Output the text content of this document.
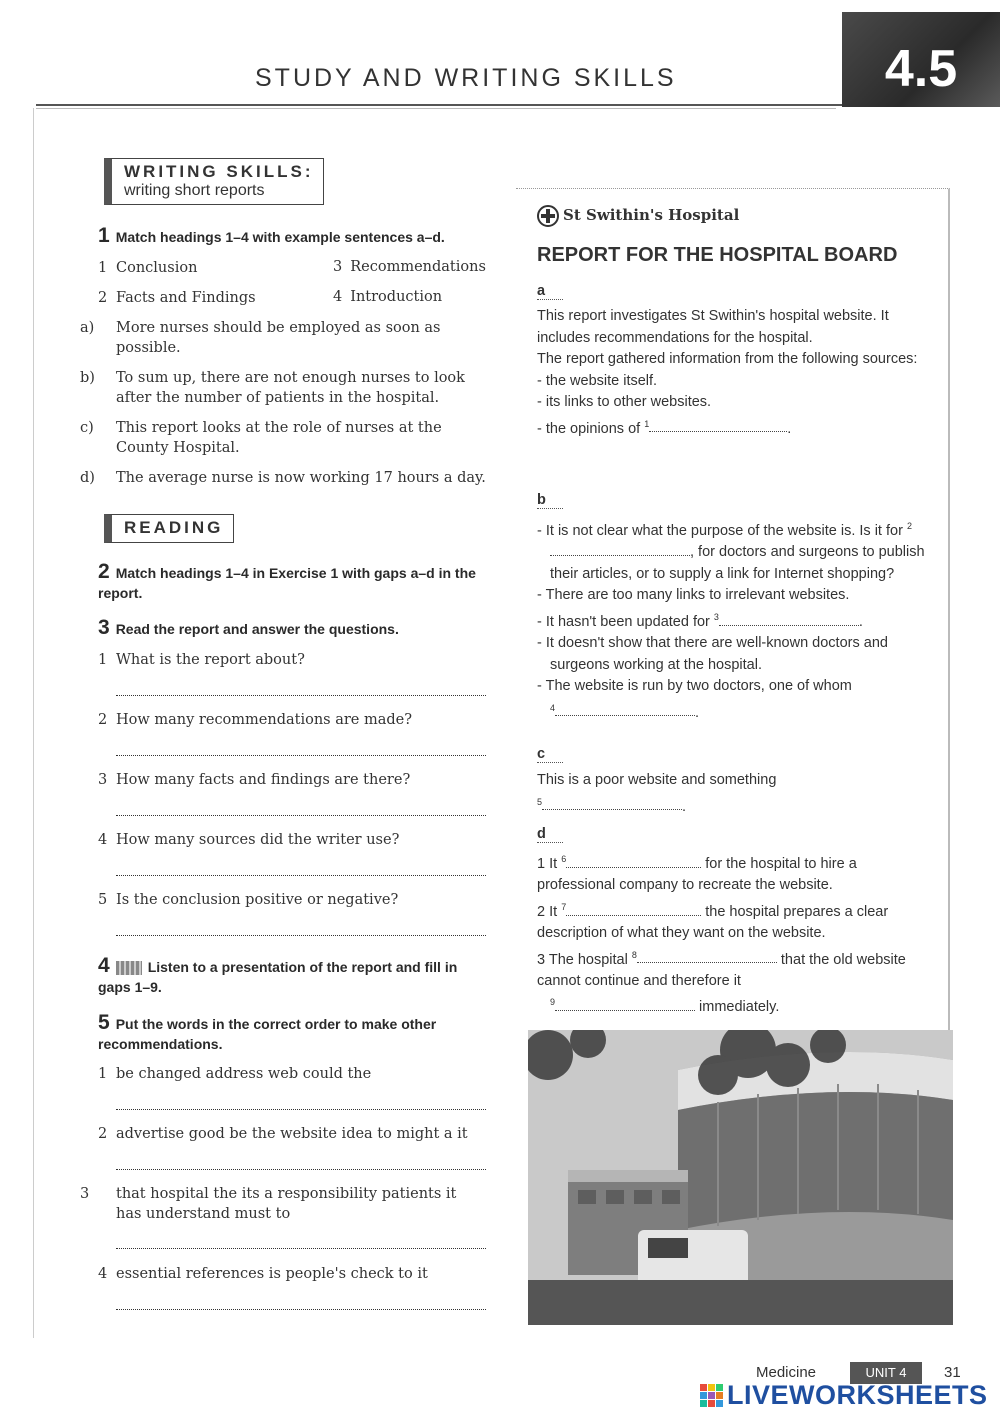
STUDY AND WRITING SKILLS	4.5
WRITING SKILLS:
writing short reports
1 Match headings 1–4 with example sentences a–d.
1 Conclusion	3 Recommendations
2 Facts and Findings	4 Introduction
a) More nurses should be employed as soon as possible.
b) To sum up, there are not enough nurses to look after the number of patients in the hospital.
c) This report looks at the role of nurses at the County Hospital.
d) The average nurse is now working 17 hours a day.
READING
2 Match headings 1–4 in Exercise 1 with gaps a–d in the report.
3 Read the report and answer the questions.
1 What is the report about?
2 How many recommendations are made?
3 How many facts and findings are there?
4 How many sources did the writer use?
5 Is the conclusion positive or negative?
4	Listen to a presentation of the report and fill in gaps 1–9.
5 Put the words in the correct order to make other recommendations.
1 be changed address web could the
2 advertise good be the website idea to might a it
3 that hospital the its a responsibility patients it has understand must to
4 essential references is people's check to it
St Swithin's Hospital
REPORT FOR THE HOSPITAL BOARD
a
This report investigates St Swithin's hospital website. It includes recommendations for the hospital.
The report gathered information from the following sources:
- the website itself.
- its links to other websites.
- the opinions of $^1$	.
b
- It is not clear what the purpose of the website is. Is it for $^2$, for doctors and surgeons to publish their articles, or to supply a link for Internet shopping?
- There are too many links to irrelevant websites.
- It hasn't been updated for $^3$	.
- It doesn't show that there are well-known doctors and surgeons working at the hospital.
- The website is run by two doctors, one of whom
$^4$	.
c
This is a poor website and something
$^5$	.
d
1 It $^6$	for the hospital to hire a professional company to recreate the website.
2 It $^7$	the hospital prepares a clear description of what they want on the website.
3 The hospital $^8$	that the old website cannot continue and therefore it
$^9$	immediately.
Medicine	UNIT 4	31
LIVEWORKSHEETS
